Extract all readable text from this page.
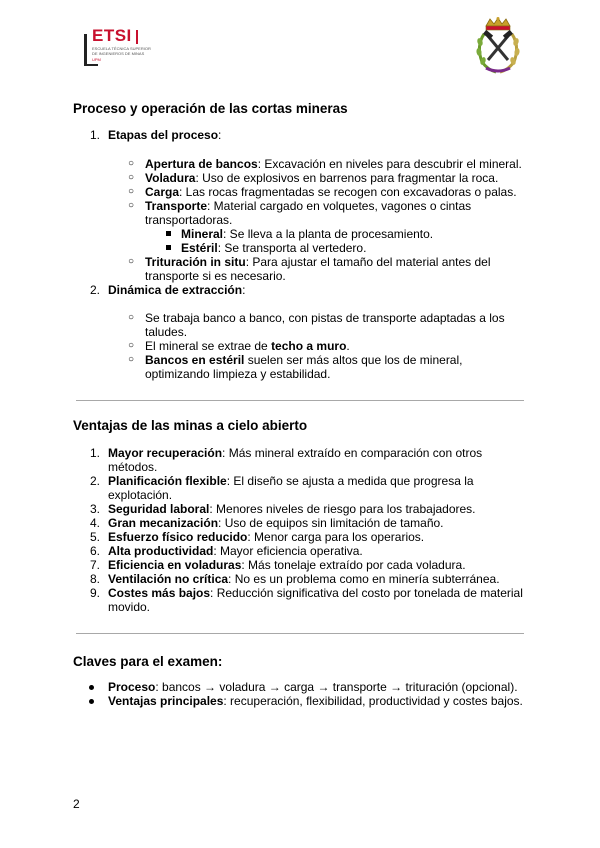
ETSI
ESCUELA TÉCNICA SUPERIOR
DE INGENIEROS DE MINAS
UPM
Proceso y operación de las cortas mineras
1. Etapas del proceso:
○ Apertura de bancos: Excavación en niveles para descubrir el mineral.
○ Voladura: Uso de explosivos en barrenos para fragmentar la roca.
○ Carga: Las rocas fragmentadas se recogen con excavadoras o palas.
○ Transporte: Material cargado en volquetes, vagones o cintas
transportadoras.
Mineral: Se lleva a la planta de procesamiento.
Estéril: Se transporta al vertedero.
○ Trituración in situ: Para ajustar el tamaño del material antes del
transporte si es necesario.
2. Dinámica de extracción:
○ Se trabaja banco a banco, con pistas de transporte adaptadas a los
taludes.
○ El mineral se extrae de techo a muro.
○ Bancos en estéril suelen ser más altos que los de mineral,
optimizando limpieza y estabilidad.
Ventajas de las minas a cielo abierto
1. Mayor recuperación: Más mineral extraído en comparación con otros
métodos.
2. Planificación flexible: El diseño se ajusta a medida que progresa la
explotación.
3. Seguridad laboral: Menores niveles de riesgo para los trabajadores.
4. Gran mecanización: Uso de equipos sin limitación de tamaño.
5. Esfuerzo físico reducido: Menor carga para los operarios.
6. Alta productividad: Mayor eficiencia operativa.
7. Eficiencia en voladuras: Más tonelaje extraído por cada voladura.
8. Ventilación no crítica: No es un problema como en minería subterránea.
9. Costes más bajos: Reducción significativa del costo por tonelada de material
movido.
Claves para el examen:
Proceso: bancos → voladura → carga → transporte → trituración (opcional).
Ventajas principales: recuperación, flexibilidad, productividad y costes bajos.
2
